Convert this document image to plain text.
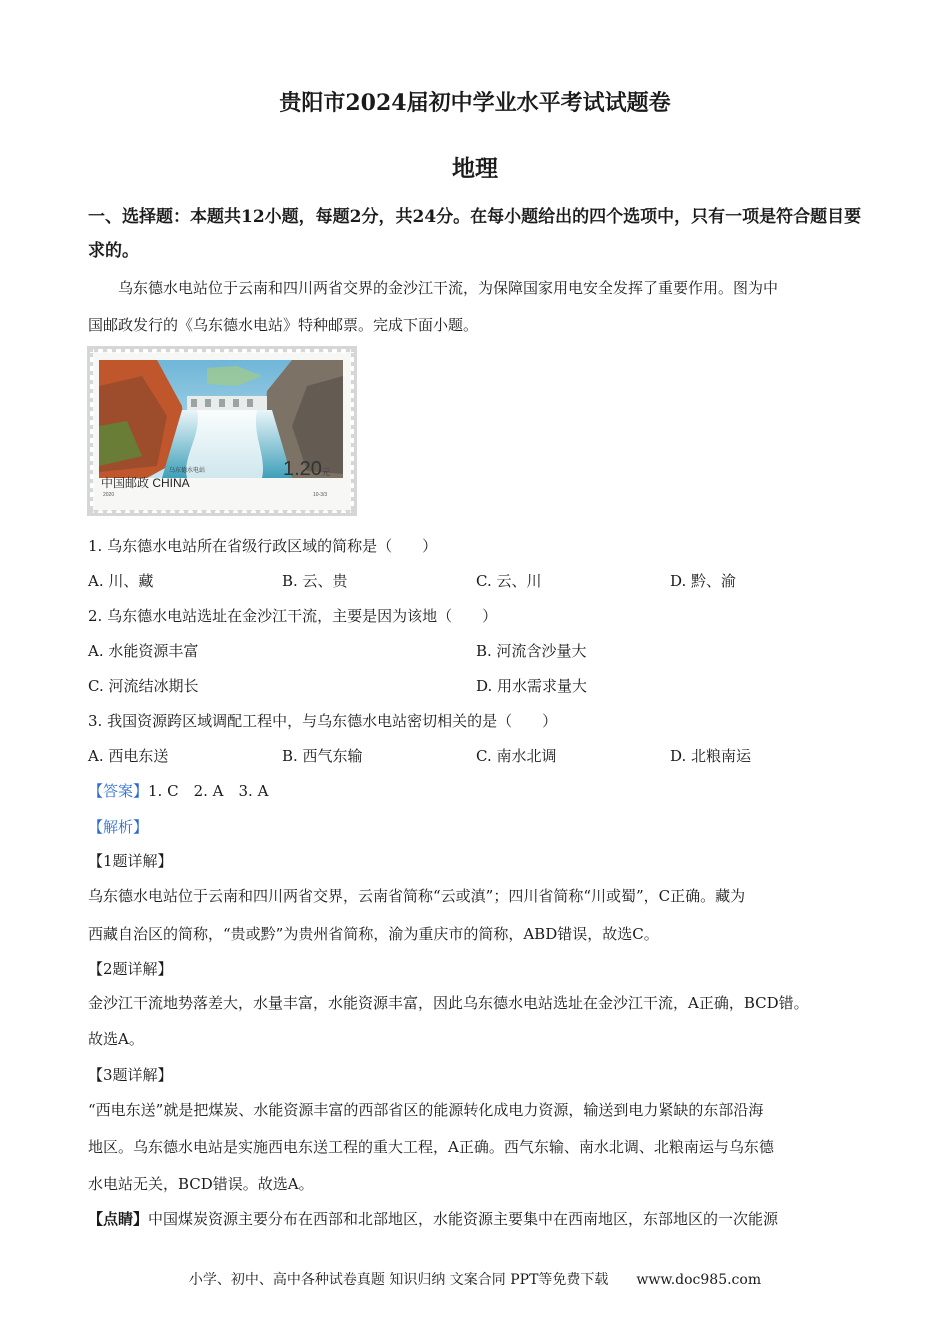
贵阳市2024届初中学业水平考试试题卷
地理
一、选择题：本题共12小题，每题2分，共24分。在每小题给出的四个选项中，只有一项是符合题目要求的。
乌东德水电站位于云南和四川两省交界的金沙江干流，为保障国家用电安全发挥了重要作用。图为中
国邮政发行的《乌东德水电站》特种邮票。完成下面小题。
中国邮政 CHINA
乌东德水电站	1.20元
2020	10-3/3
1. 乌东德水电站所在省级行政区域的简称是（　　）
A. 川、藏	B. 云、贵	C. 云、川	D. 黔、渝
2. 乌东德水电站选址在金沙江干流，主要是因为该地（　　）
A. 水能资源丰富	B. 河流含沙量大
C. 河流结冰期长	D. 用水需求量大
3. 我国资源跨区域调配工程中，与乌东德水电站密切相关的是（　　）
A. 西电东送	B. 西气东输	C. 南水北调	D. 北粮南运
【答案】1. C　2. A　3. A
【解析】
【1题详解】
乌东德水电站位于云南和四川两省交界，云南省简称“云或滇”；四川省简称“川或蜀”，C正确。藏为
西藏自治区的简称，“贵或黔”为贵州省简称，渝为重庆市的简称，ABD错误，故选C。
【2题详解】
金沙江干流地势落差大，水量丰富，水能资源丰富，因此乌东德水电站选址在金沙江干流，A正确，BCD错。
故选A。
【3题详解】
“西电东送”就是把煤炭、水能资源丰富的西部省区的能源转化成电力资源，输送到电力紧缺的东部沿海
地区。乌东德水电站是实施西电东送工程的重大工程，A正确。西气东输、南水北调、北粮南运与乌东德
水电站无关，BCD错误。故选A。
【点睛】中国煤炭资源主要分布在西部和北部地区，水能资源主要集中在西南地区，东部地区的一次能源
小学、初中、高中各种试卷真题 知识归纳 文案合同 PPT等免费下载　　www.doc985.com
